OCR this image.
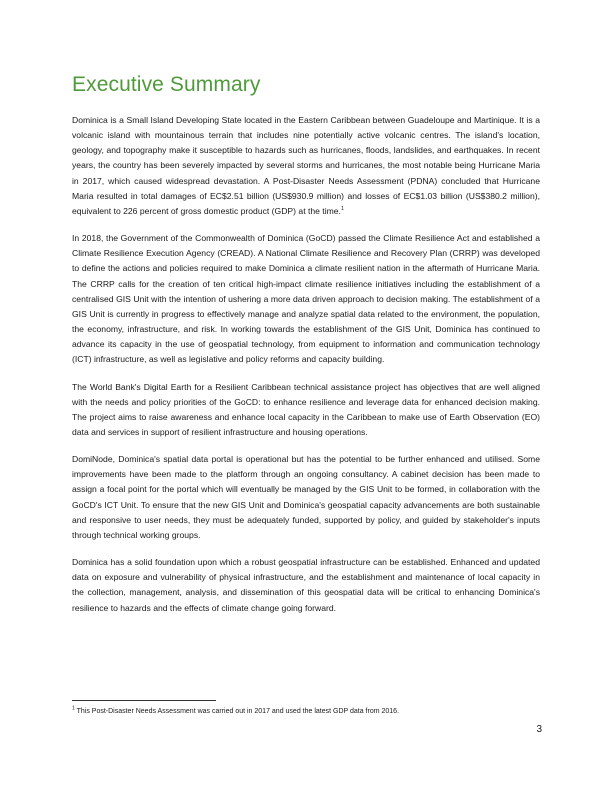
Executive Summary

Dominica is a Small Island Developing State located in the Eastern Caribbean between Guadeloupe and Martinique. It is a volcanic island with mountainous terrain that includes nine potentially active volcanic centres. The island's location, geology, and topography make it susceptible to hazards such as hurricanes, floods, landslides, and earthquakes. In recent years, the country has been severely impacted by several storms and hurricanes, the most notable being Hurricane Maria in 2017, which caused widespread devastation. A Post-Disaster Needs Assessment (PDNA) concluded that Hurricane Maria resulted in total damages of EC$2.51 billion (US$930.9 million) and losses of EC$1.03 billion (US$380.2 million), equivalent to 226 percent of gross domestic product (GDP) at the time.$^1$

In 2018, the Government of the Commonwealth of Dominica (GoCD) passed the Climate Resilience Act and established a Climate Resilience Execution Agency (CREAD). A National Climate Resilience and Recovery Plan (CRRP) was developed to define the actions and policies required to make Dominica a climate resilient nation in the aftermath of Hurricane Maria. The CRRP calls for the creation of ten critical high-impact climate resilience initiatives including the establishment of a centralised GIS Unit with the intention of ushering a more data driven approach to decision making. The establishment of a GIS Unit is currently in progress to effectively manage and analyze spatial data related to the environment, the population, the economy, infrastructure, and risk. In working towards the establishment of the GIS Unit, Dominica has continued to advance its capacity in the use of geospatial technology, from equipment to information and communication technology (ICT) infrastructure, as well as legislative and policy reforms and capacity building.

The World Bank's Digital Earth for a Resilient Caribbean technical assistance project has objectives that are well aligned with the needs and policy priorities of the GoCD: to enhance resilience and leverage data for enhanced decision making. The project aims to raise awareness and enhance local capacity in the Caribbean to make use of Earth Observation (EO) data and services in support of resilient infrastructure and housing operations.

DomiNode, Dominica's spatial data portal is operational but has the potential to be further enhanced and utilised. Some improvements have been made to the platform through an ongoing consultancy. A cabinet decision has been made to assign a focal point for the portal which will eventually be managed by the GIS Unit to be formed, in collaboration with the GoCD's ICT Unit. To ensure that the new GIS Unit and Dominica's geospatial capacity advancements are both sustainable and responsive to user needs, they must be adequately funded, supported by policy, and guided by stakeholder's inputs through technical working groups.

Dominica has a solid foundation upon which a robust geospatial infrastructure can be established. Enhanced and updated data on exposure and vulnerability of physical infrastructure, and the establishment and maintenance of local capacity in the collection, management, analysis, and dissemination of this geospatial data will be critical to enhancing Dominica's resilience to hazards and the effects of climate change going forward.

$^1$ This Post-Disaster Needs Assessment was carried out in 2017 and used the latest GDP data from 2016.

3
